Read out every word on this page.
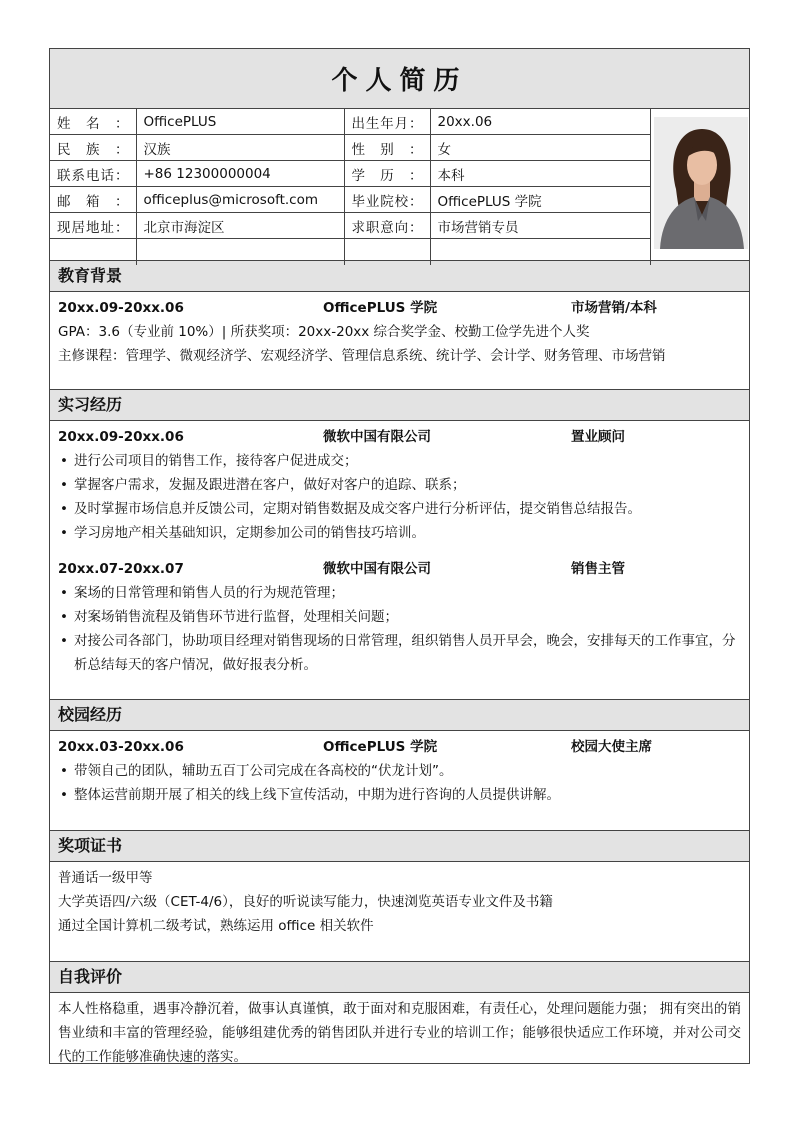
个人简历
姓名：	OfficePLUS	出生年月：	20xx.06
民族：	汉族	性别：	女
联系电话：	+86 12300000004	学历：	本科
邮箱：	officeplus@microsoft.com	毕业院校：	OfficePLUS 学院
现居地址：	北京市海淀区	求职意向：	市场营销专员

教育背景
20xx.09-20xx.06	OfficePLUS 学院	市场营销/本科
GPA：3.6（专业前 10%）| 所获奖项：20xx-20xx 综合奖学金、校勤工俭学先进个人奖
主修课程：管理学、微观经济学、宏观经济学、管理信息系统、统计学、会计学、财务管理、市场营销
实习经历
20xx.09-20xx.06	微软中国有限公司	置业顾问
• 进行公司项目的销售工作，接待客户促进成交；
• 掌握客户需求，发掘及跟进潜在客户，做好对客户的追踪、联系；
• 及时掌握市场信息并反馈公司，定期对销售数据及成交客户进行分析评估，提交销售总结报告。
• 学习房地产相关基础知识，定期参加公司的销售技巧培训。
20xx.07-20xx.07	微软中国有限公司	销售主管
• 案场的日常管理和销售人员的行为规范管理；
• 对案场销售流程及销售环节进行监督，处理相关问题；
• 对接公司各部门，协助项目经理对销售现场的日常管理，组织销售人员开早会，晚会，安排每天的工作事宜，分析总结每天的客户情况，做好报表分析。
校园经历
20xx.03-20xx.06	OfficePLUS 学院	校园大使主席
• 带领自己的团队，辅助五百丁公司完成在各高校的“伏龙计划”。
• 整体运营前期开展了相关的线上线下宣传活动，中期为进行咨询的人员提供讲解。
奖项证书
普通话一级甲等
大学英语四/六级（CET-4/6），良好的听说读写能力，快速浏览英语专业文件及书籍
通过全国计算机二级考试，熟练运用 office 相关软件
自我评价
本人性格稳重，遇事冷静沉着，做事认真谨慎，敢于面对和克服困难，有责任心，处理问题能力强； 拥有突出的销售业绩和丰富的管理经验，能够组建优秀的销售团队并进行专业的培训工作；能够很快适应工作环境，并对公司交代的工作能够准确快速的落实。
